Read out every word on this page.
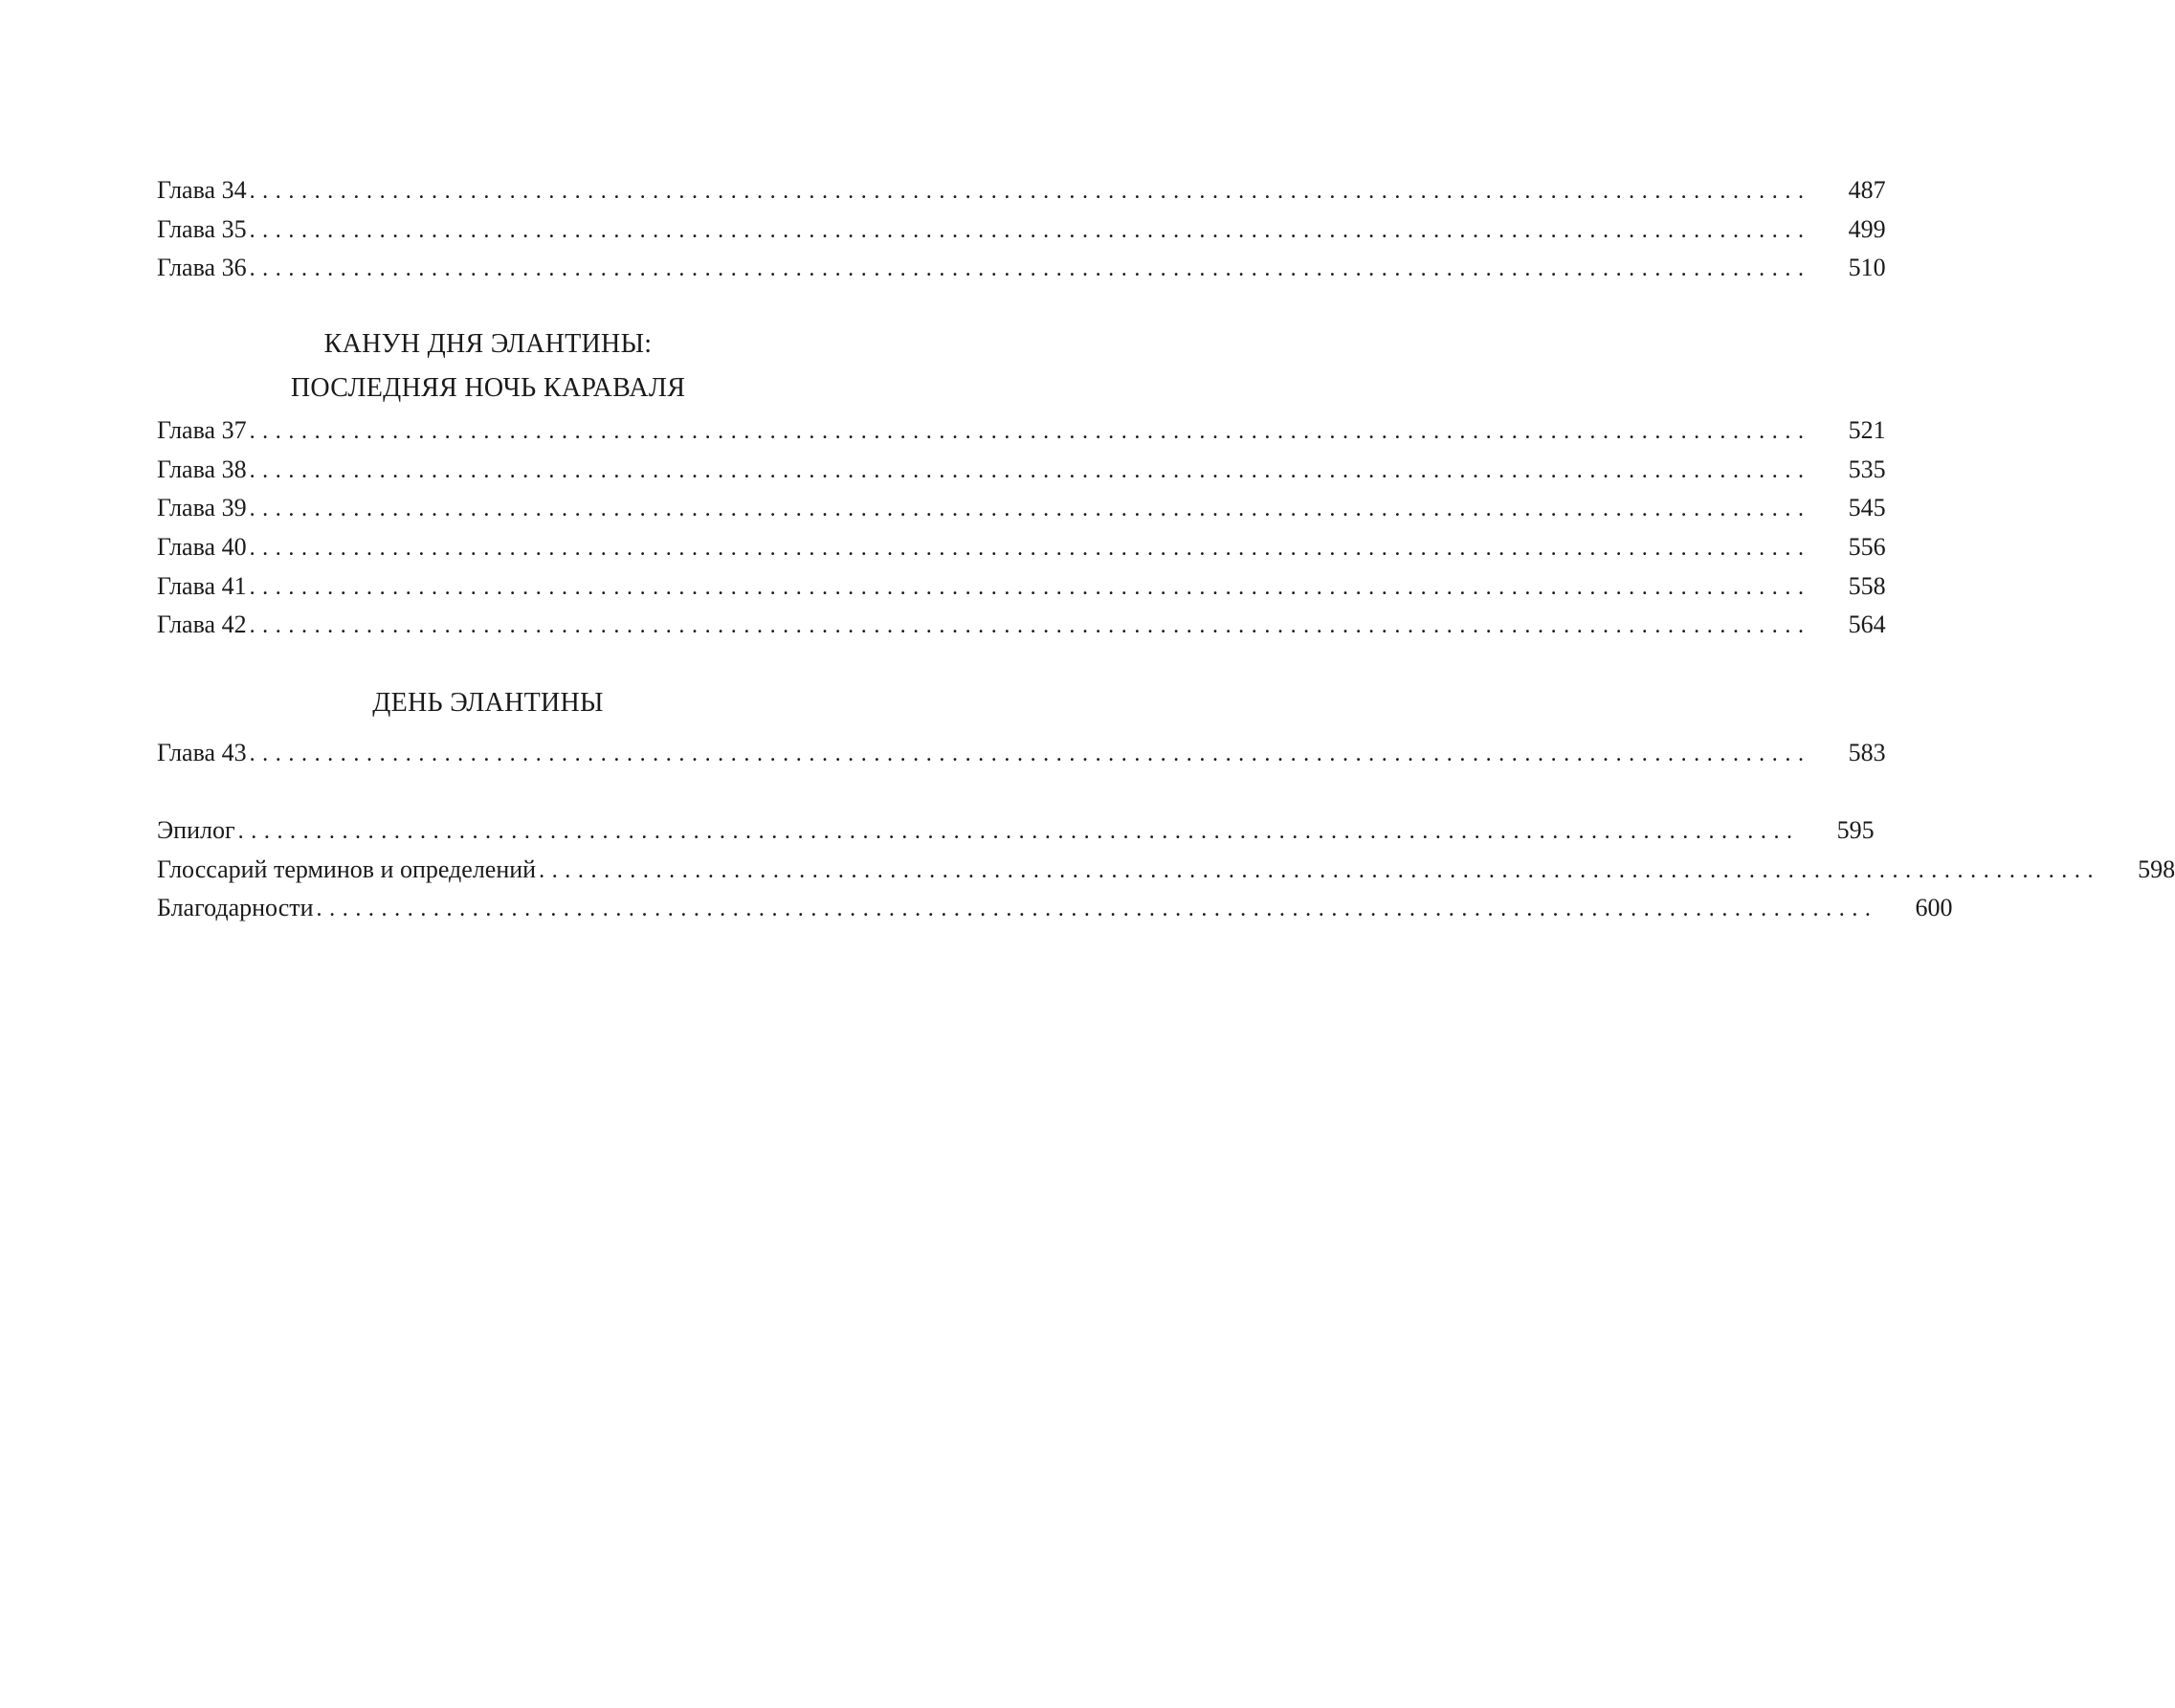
Глава 34 ........................................................................................................................ 487
Глава 35 ........................................................................................................................ 499
Глава 36 ........................................................................................................................ 510
КАНУН ДНЯ ЭЛАНТИНЫ:
ПОСЛЕДНЯЯ НОЧЬ КАРАВАЛЯ
Глава 37 ........................................................................................................................ 521
Глава 38 ........................................................................................................................ 535
Глава 39 ........................................................................................................................ 545
Глава 40 ........................................................................................................................ 556
Глава 41 ........................................................................................................................ 558
Глава 42 ........................................................................................................................ 564
ДЕНЬ ЭЛАНТИНЫ
Глава 43 ........................................................................................................................ 583
Эпилог ........................................................................................................................ 595
Глоссарий терминов и определений ........................................................................................................................ 598
Благодарности ........................................................................................................................ 600
